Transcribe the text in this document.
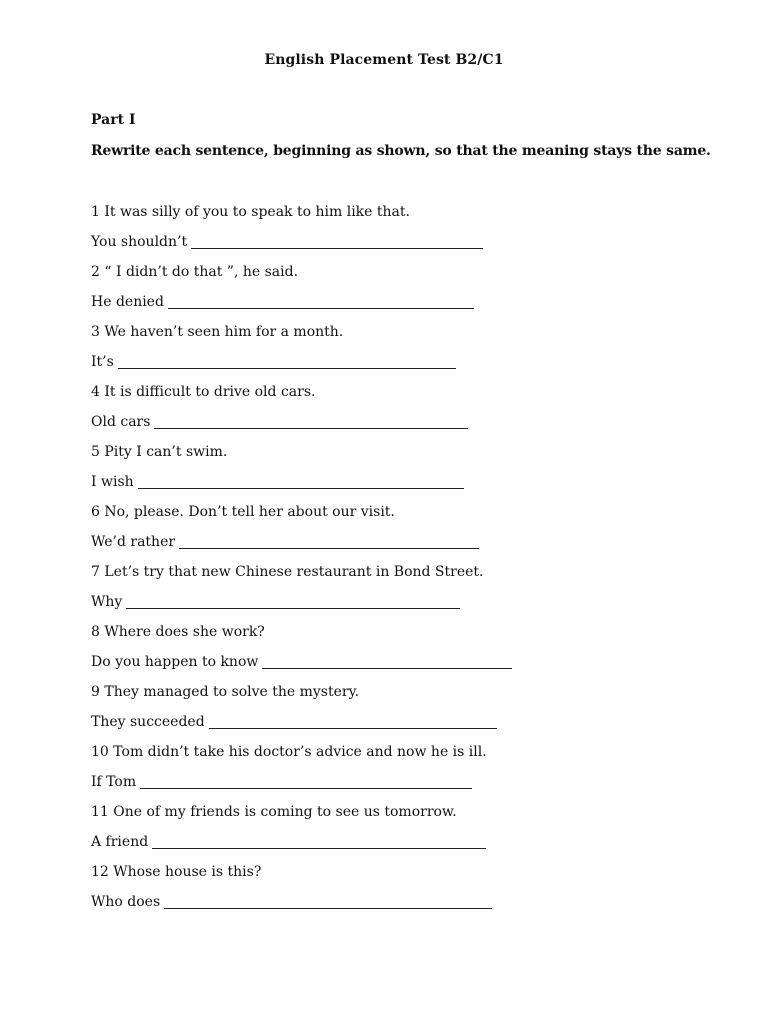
English Placement Test B2/C1
Part I
Rewrite each sentence, beginning as shown, so that the meaning stays the same.
1 It was silly of you to speak to him like that.
You shouldn’t
2 “ I didn’t do that ”, he said.
He denied
3 We haven’t seen him for a month.
It’s
4 It is difficult to drive old cars.
Old cars
5 Pity I can’t swim.
I wish
6 No, please. Don’t tell her about our visit.
We’d rather
7 Let’s try that new Chinese restaurant in Bond Street.
Why
8 Where does she work?
Do you happen to know
9 They managed to solve the mystery.
They succeeded
10 Tom didn’t take his doctor’s advice and now he is ill.
If Tom
11 One of my friends is coming to see us tomorrow.
A friend
12 Whose house is this?
Who does
